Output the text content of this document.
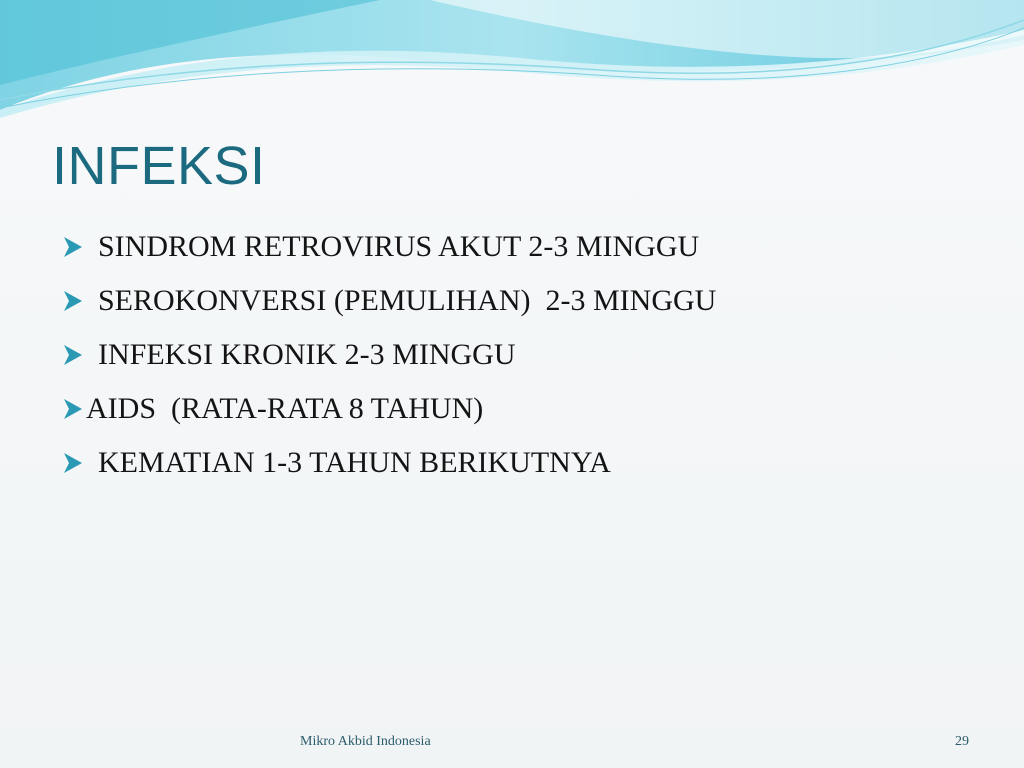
INFEKSI
SINDROM RETROVIRUS AKUT 2-3 MINGGU
SEROKONVERSI (PEMULIHAN)  2-3 MINGGU
INFEKSI KRONIK 2-3 MINGGU
AIDS  (RATA-RATA 8 TAHUN)
KEMATIAN 1-3 TAHUN BERIKUTNYA
Mikro Akbid Indonesia	29
